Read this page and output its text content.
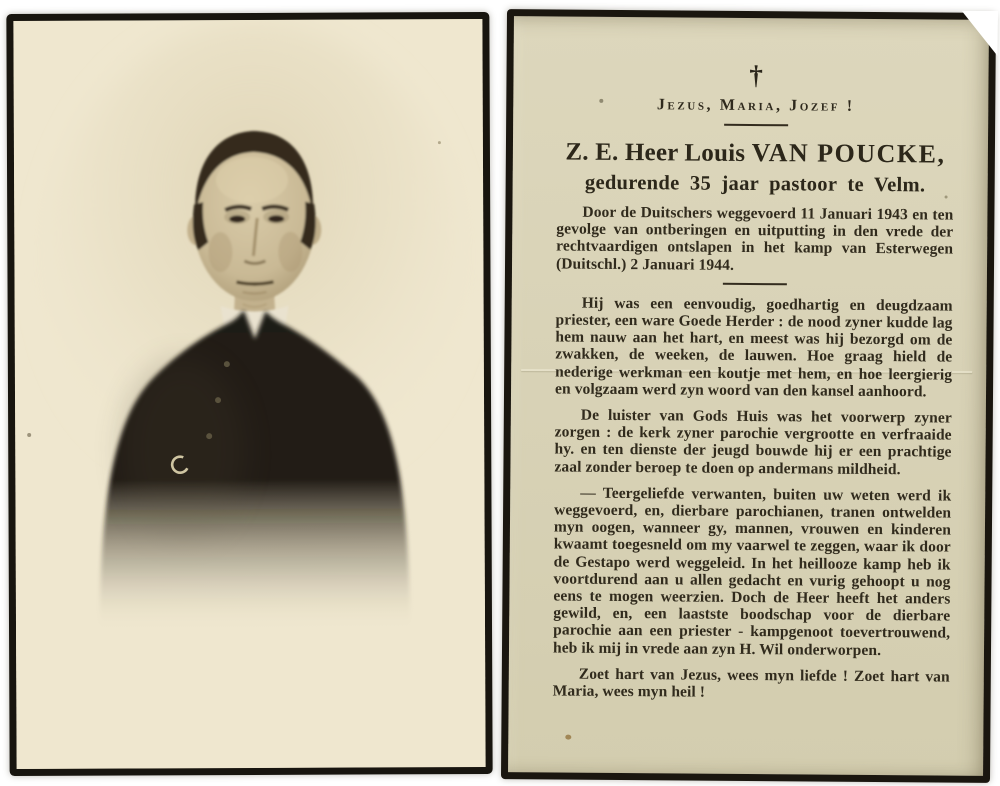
†
Jezus, Maria, Jozef !
Z. E. Heer Louis VAN POUCKE,
gedurende 35 jaar pastoor te Velm.

Door de Duitschers weggevoerd 11 Januari 1943 en ten gevolge van ontberingen en uitputting in den vrede der rechtvaardigen ontslapen in het kamp van Esterwegen (Duitschl.) 2 Januari 1944.

Hij was een eenvoudig, goedhartig en deugdzaam priester, een ware Goede Herder : de nood zyner kudde lag hem nauw aan het hart, en meest was hij bezorgd om de zwakken, de weeken, de lauwen. Hoe graag hield de nederige werkman een koutje met hem, en hoe leergierig en volgzaam werd zyn woord van den kansel aanhoord.

De luister van Gods Huis was het voorwerp zyner zorgen : de kerk zyner parochie vergrootte en verfraaide hy. en ten dienste der jeugd bouwde hij er een prachtige zaal zonder beroep te doen op andermans mildheid.

— Teergeliefde verwanten, buiten uw weten werd ik weggevoerd, en, dierbare parochianen, tranen ontwelden myn oogen, wanneer gy, mannen, vrouwen en kinderen kwaamt toegesneld om my vaarwel te zeggen, waar ik door de Gestapo werd weggeleid. In het heillooze kamp heb ik voortdurend aan u allen gedacht en vurig gehoopt u nog eens te mogen weerzien. Doch de Heer heeft het anders gewild, en, een laastste boodschap voor de dierbare parochie aan een priester - kampgenoot toevertrouwend, heb ik mij in vrede aan zyn H. Wil onderworpen.

Zoet hart van Jezus, wees myn liefde ! Zoet hart van Maria, wees myn heil !
